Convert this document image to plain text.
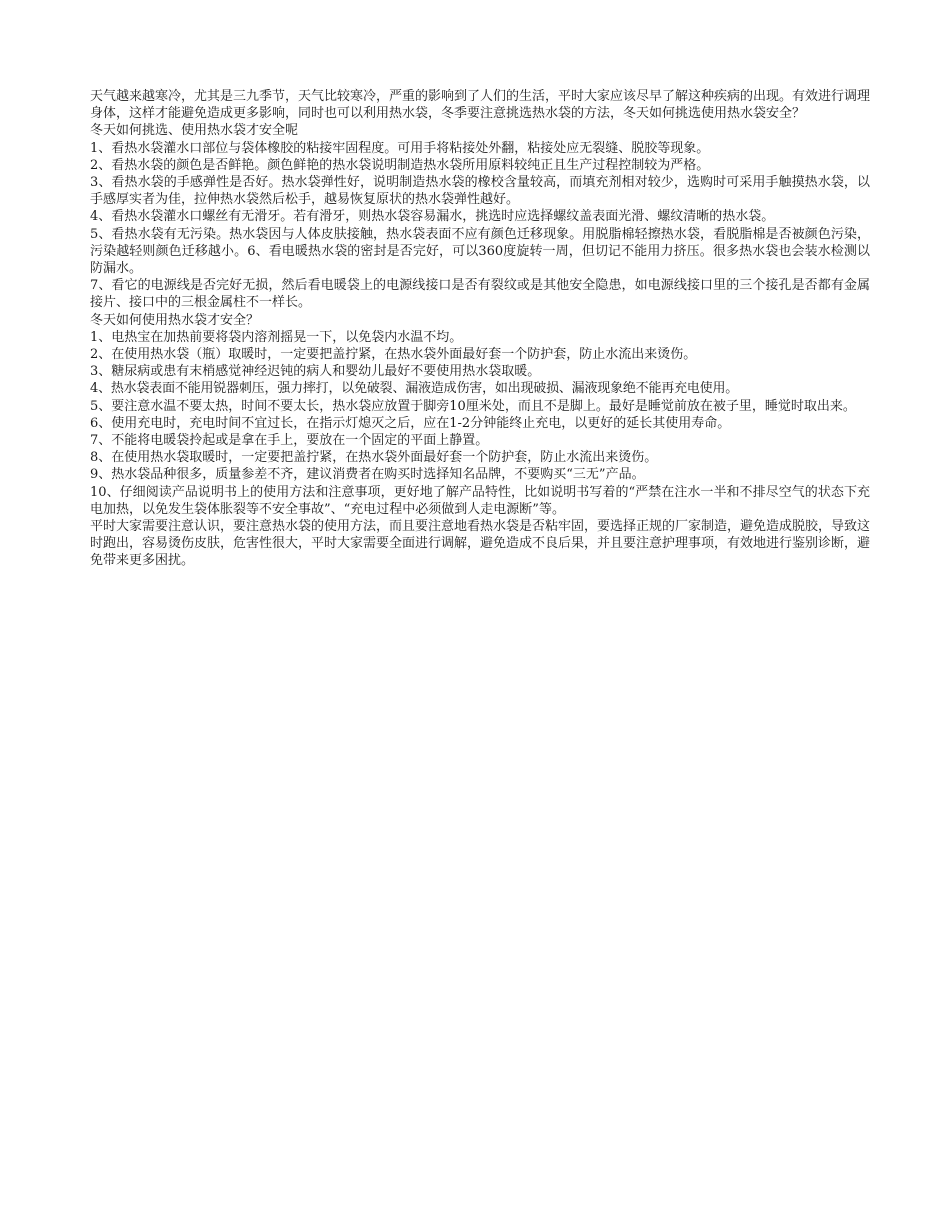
天气越来越寒冷，尤其是三九季节，天气比较寒冷，严重的影响到了人们的生活，平时大家应该尽早了解这种疾病的出现。有效进行调理身体，这样才能避免造成更多影响，同时也可以利用热水袋，冬季要注意挑选热水袋的方法，冬天如何挑选使用热水袋安全？

冬天如何挑选、使用热水袋才安全呢

1、看热水袋灌水口部位与袋体橡胶的粘接牢固程度。可用手将粘接处外翻，粘接处应无裂缝、脱胶等现象。

2、看热水袋的颜色是否鲜艳。颜色鲜艳的热水袋说明制造热水袋所用原料较纯正且生产过程控制较为严格。

3、看热水袋的手感弹性是否好。热水袋弹性好，说明制造热水袋的橡校含量较高，而填充剂相对较少，选购时可采用手触摸热水袋，以手感厚实者为佳，拉伸热水袋然后松手，越易恢复原状的热水袋弹性越好。

4、看热水袋灌水口螺丝有无滑牙。若有滑牙，则热水袋容易漏水，挑选时应选择螺纹盖表面光滑、螺纹清晰的热水袋。

5、看热水袋有无污染。热水袋因与人体皮肤接触，热水袋表面不应有颜色迁移现象。用脱脂棉轻擦热水袋，看脱脂棉是否被颜色污染，污染越轻则颜色迁移越小。6、看电暖热水袋的密封是否完好，可以360度旋转一周，但切记不能用力挤压。很多热水袋也会装水检测以防漏水。

7、看它的电源线是否完好无损，然后看电暖袋上的电源线接口是否有裂纹或是其他安全隐患，如电源线接口里的三个接孔是否都有金属接片、接口中的三根金属柱不一样长。

冬天如何使用热水袋才安全？

1、电热宝在加热前要将袋内溶剂摇晃一下，以免袋内水温不均。

2、在使用热水袋（瓶）取暖时，一定要把盖拧紧，在热水袋外面最好套一个防护套，防止水流出来烫伤。

3、糖尿病或患有末梢感觉神经迟钝的病人和婴幼儿最好不要使用热水袋取暖。

4、热水袋表面不能用锐器刺压，强力摔打，以免破裂、漏液造成伤害，如出现破损、漏液现象绝不能再充电使用。

5、要注意水温不要太热，时间不要太长，热水袋应放置于脚旁10厘米处，而且不是脚上。最好是睡觉前放在被子里，睡觉时取出来。

6、使用充电时，充电时间不宜过长，在指示灯熄灭之后，应在1-2分钟能终止充电，以更好的延长其使用寿命。

7、不能将电暖袋拎起或是拿在手上，要放在一个固定的平面上静置。

8、在使用热水袋取暖时，一定要把盖拧紧，在热水袋外面最好套一个防护套，防止水流出来烫伤。

9、热水袋品种很多，质量参差不齐，建议消费者在购买时选择知名品牌，不要购买“三无”产品。

10、仔细阅读产品说明书上的使用方法和注意事项，更好地了解产品特性，比如说明书写着的“严禁在注水一半和不排尽空气的状态下充电加热，以免发生袋体胀裂等不安全事故”、“充电过程中必须做到人走电源断”等。

平时大家需要注意认识，要注意热水袋的使用方法，而且要注意地看热水袋是否粘牢固，要选择正规的厂家制造，避免造成脱胶，导致这时跑出，容易烫伤皮肤，危害性很大，平时大家需要全面进行调解，避免造成不良后果，并且要注意护理事项，有效地进行鉴别诊断，避免带来更多困扰。
